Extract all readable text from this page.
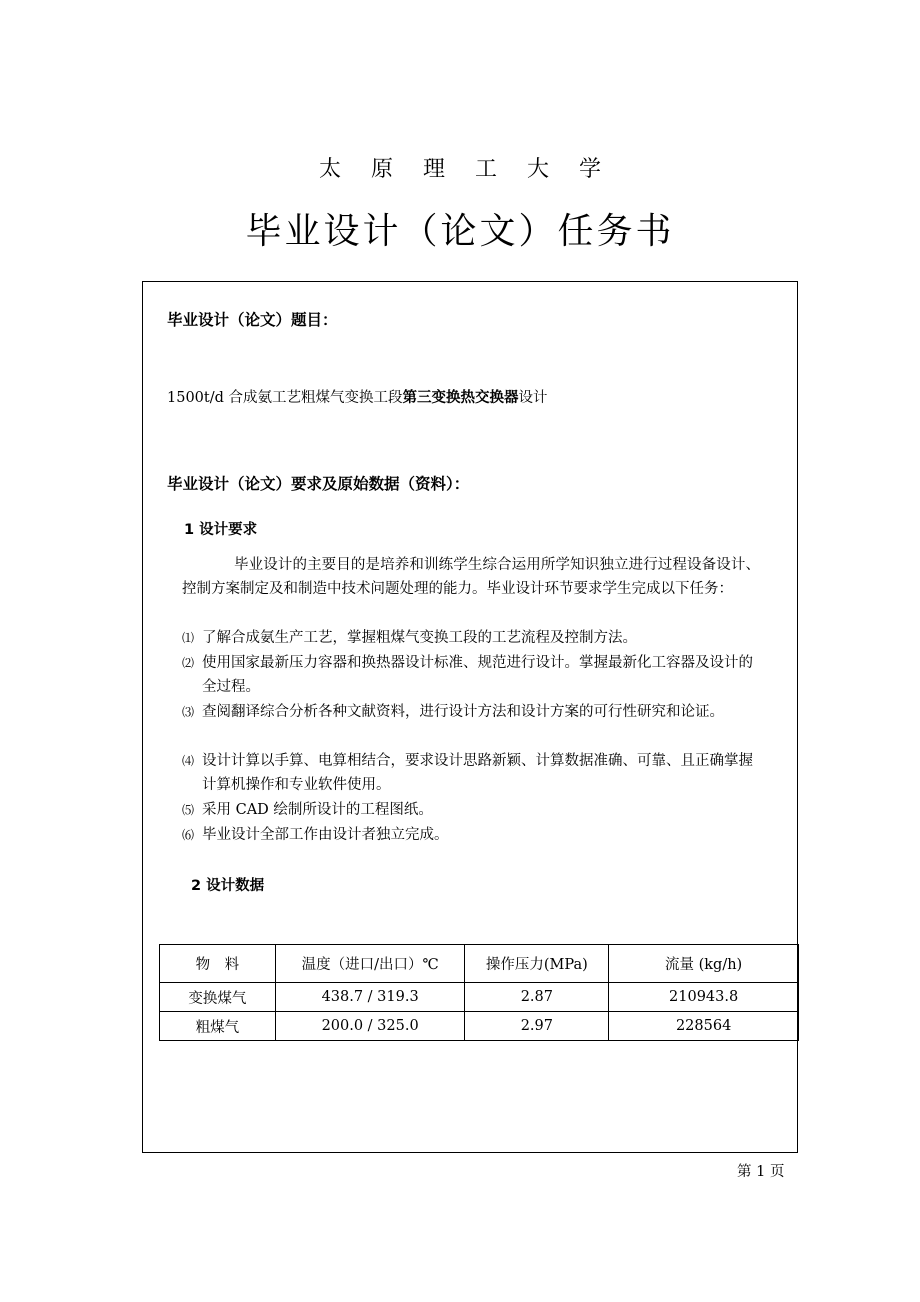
太原理工大学
毕业设计（论文）任务书
毕业设计（论文）题目：
1500t/d 合成氨工艺粗煤气变换工段第三变换热交换器设计
毕业设计（论文）要求及原始数据（资料）：
1 设计要求
毕业设计的主要目的是培养和训练学生综合运用所学知识独立进行过程设备设计、控制方案制定及和制造中技术问题处理的能力。毕业设计环节要求学生完成以下任务：
⑴ 了解合成氨生产工艺，掌握粗煤气变换工段的工艺流程及控制方法。
⑵ 使用国家最新压力容器和换热器设计标准、规范进行设计。掌握最新化工容器及设计的全过程。
⑶ 查阅翻译综合分析各种文献资料，进行设计方法和设计方案的可行性研究和论证。
⑷ 设计计算以手算、电算相结合，要求设计思路新颖、计算数据准确、可靠、且正确掌握计算机操作和专业软件使用。
⑸ 采用 CAD 绘制所设计的工程图纸。
⑹ 毕业设计全部工作由设计者独立完成。
2 设计数据
物　料	温度（进口/出口）℃	操作压力(MPa)	流量 (kg/h)
变换煤气	438.7 / 319.3	2.87	210943.8
粗煤气	200.0 / 325.0	2.97	228564
第 1 页
